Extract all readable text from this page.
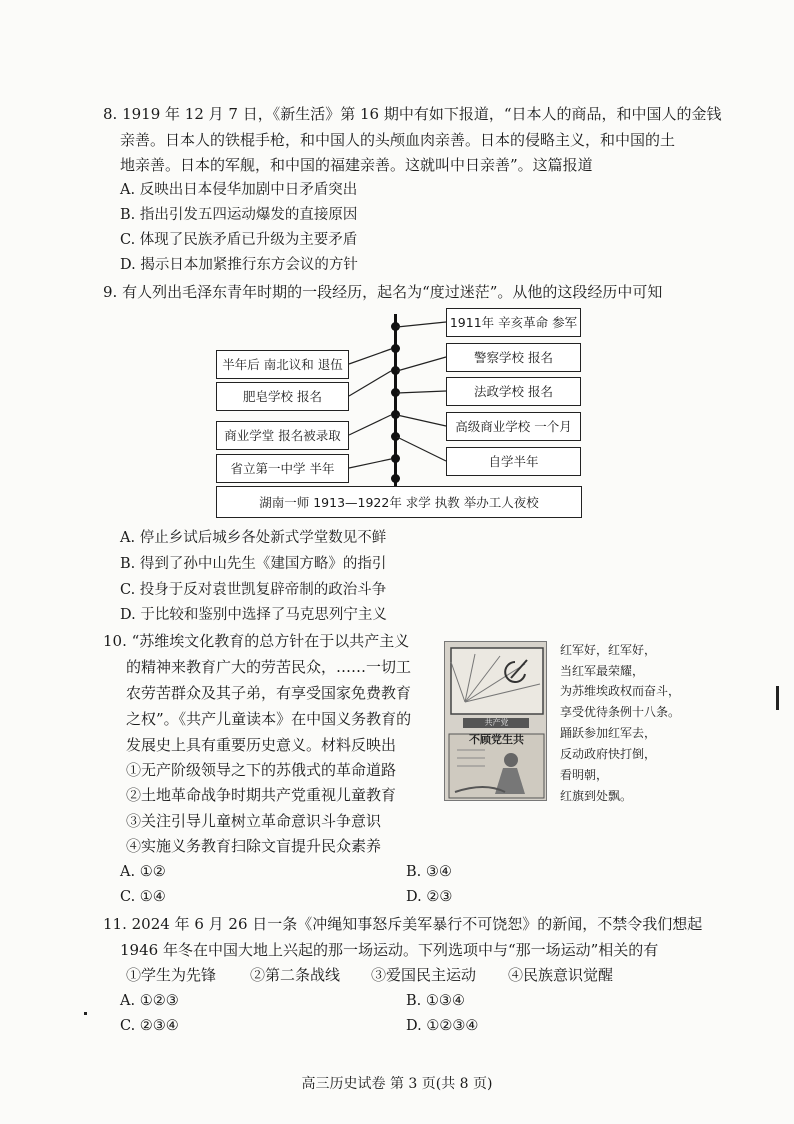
8. 1919 年 12 月 7 日，《新生活》第 16 期中有如下报道，“日本人的商品，和中国人的金钱
亲善。日本人的铁棍手枪，和中国人的头颅血肉亲善。日本的侵略主义，和中国的土
地亲善。日本的军舰，和中国的福建亲善。这就叫中日亲善”。这篇报道
A. 反映出日本侵华加剧中日矛盾突出
B. 指出引发五四运动爆发的直接原因
C. 体现了民族矛盾已升级为主要矛盾
D. 揭示日本加紧推行东方会议的方针
9. 有人列出毛泽东青年时期的一段经历，起名为“度过迷茫”。从他的这段经历中可知
1911年 辛亥革命 参军
警察学校 报名
法政学校 报名
高级商业学校 一个月
自学半年
半年后 南北议和 退伍
肥皂学校 报名
商业学堂 报名被录取
省立第一中学 半年
湖南一师 1913—1922年 求学 执教 举办工人夜校
A. 停止乡试后城乡各处新式学堂数见不鲜
B. 得到了孙中山先生《建国方略》的指引
C. 投身于反对袁世凯复辟帝制的政治斗争
D. 于比较和鉴别中选择了马克思列宁主义
10. “苏维埃文化教育的总方针在于以共产主义
的精神来教育广大的劳苦民众，……一切工
农劳苦群众及其子弟，有享受国家免费教育
之权”。《共产儿童读本》在中国义务教育的
发展史上具有重要历史意义。材料反映出
①无产阶级领导之下的苏俄式的革命道路
②土地革命战争时期共产党重视儿童教育
③关注引导儿童树立革命意识斗争意识
④实施义务教育扫除文盲提升民众素养
共产党
不顾党生共
红军好，红军好，
当红军最荣耀，
为苏维埃政权而奋斗，
享受优待条例十八条。
踊跃参加红军去，
反动政府快打倒，
看明朝，
红旗到处飘。
A. ①②	B. ③④
C. ①④	D. ②③
11. 2024 年 6 月 26 日一条《冲绳知事怒斥美军暴行不可饶恕》的新闻，不禁令我们想起
1946 年冬在中国大地上兴起的那一场运动。下列选项中与“那一场运动”相关的有
①学生为先锋 ②第二条战线 ③爱国民主运动 ④民族意识觉醒
A. ①②③	B. ①③④
C. ②③④	D. ①②③④
高三历史试卷 第 3 页(共 8 页)
